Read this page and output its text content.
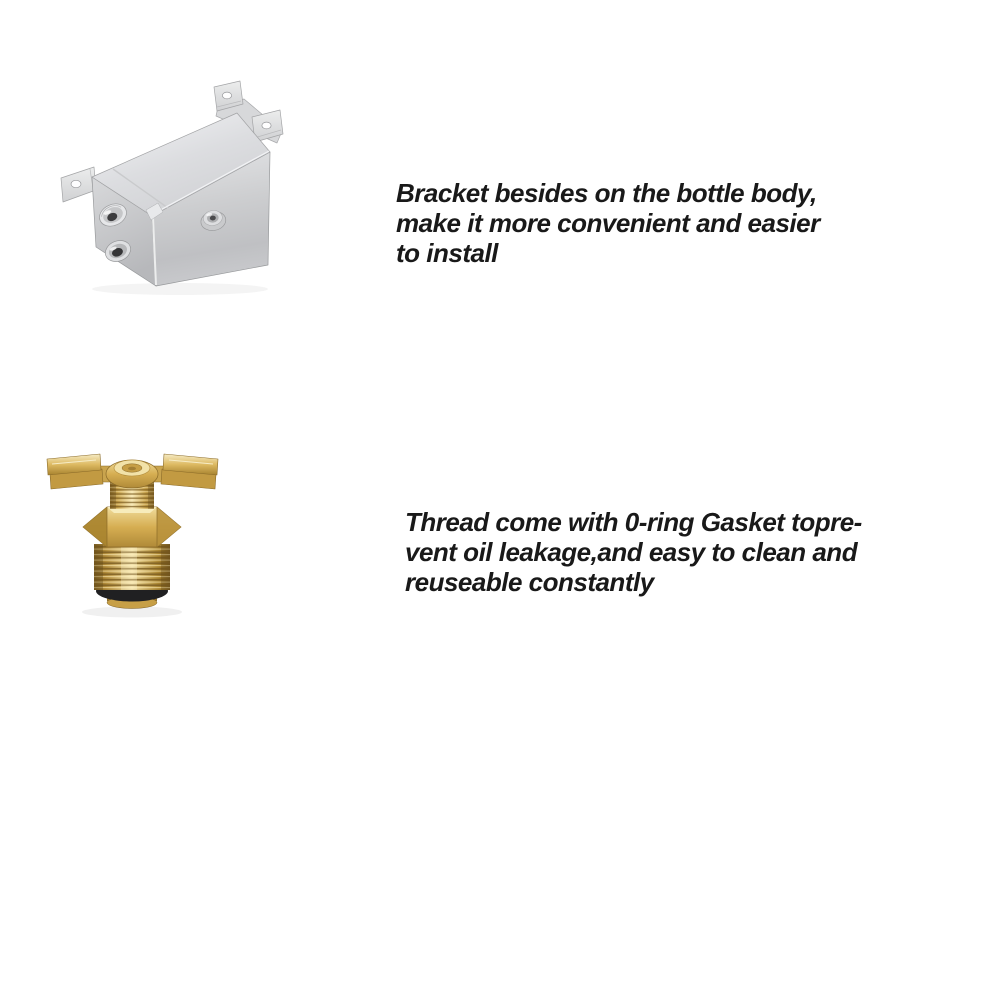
Bracket besides on the bottle body,
make it more convenient and easier
to install

Thread come with 0-ring Gasket topre-
vent oil leakage,and easy to clean and
reuseable constantly
